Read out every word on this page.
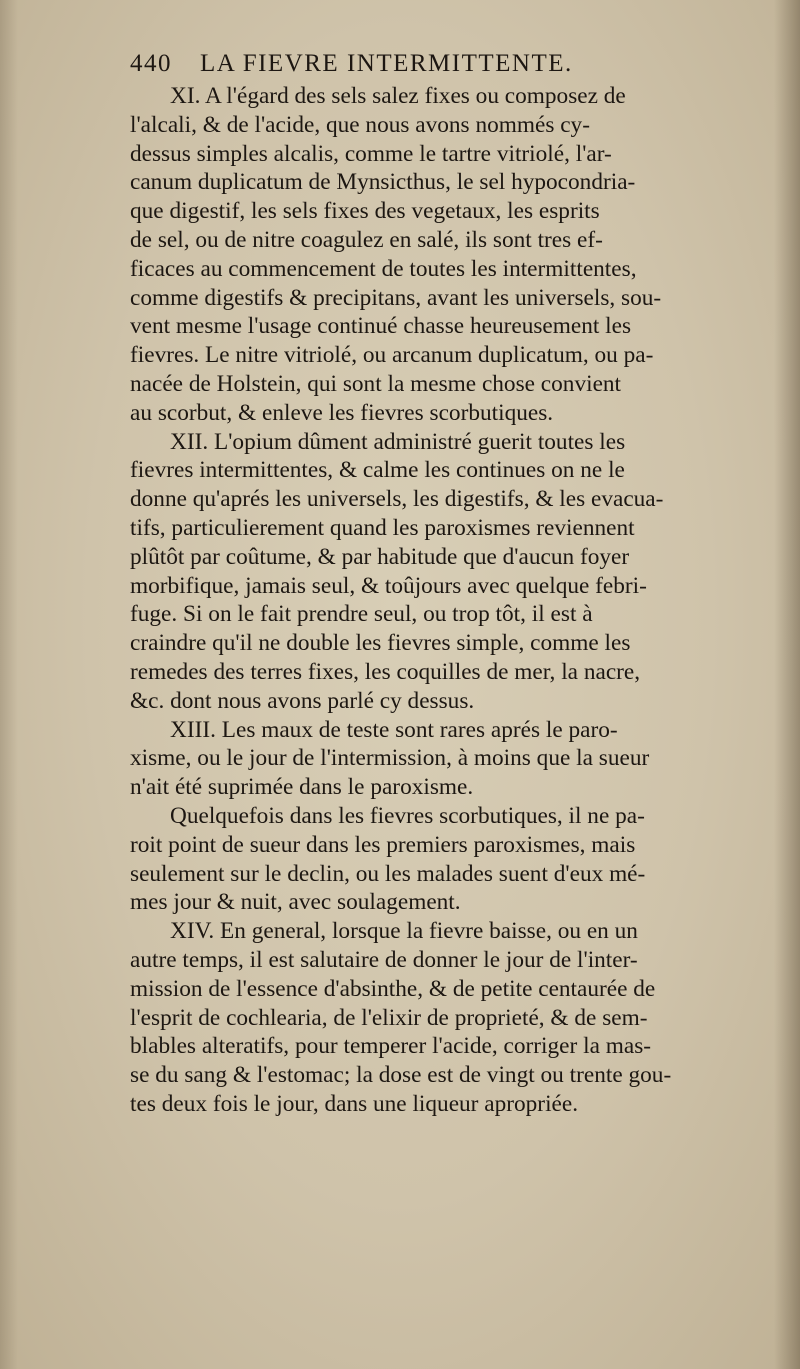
440 LA FIEVRE INTERMITTENTE.
XI. A l'égard des sels salez fixes ou composez de
l'alcali, & de l'acide, que nous avons nommés cy-
dessus simples alcalis, comme le tartre vitriolé, l'ar-
canum duplicatum de Mynsicthus, le sel hypocondria-
que digestif, les sels fixes des vegetaux, les esprits
de sel, ou de nitre coagulez en salé, ils sont tres ef-
ficaces au commencement de toutes les intermittentes,
comme digestifs & precipitans, avant les universels, sou-
vent mesme l'usage continué chasse heureusement les
fievres. Le nitre vitriolé, ou arcanum duplicatum, ou pa-
nacée de Holstein, qui sont la mesme chose convient
au scorbut, & enleve les fievres scorbutiques.
XII. L'opium dûment administré guerit toutes les
fievres intermittentes, & calme les continues on ne le
donne qu'aprés les universels, les digestifs, & les evacua-
tifs, particulierement quand les paroxismes reviennent
plûtôt par coûtume, & par habitude que d'aucun foyer
morbifique, jamais seul, & toûjours avec quelque febri-
fuge. Si on le fait prendre seul, ou trop tôt, il est à
craindre qu'il ne double les fievres simple, comme les
remedes des terres fixes, les coquilles de mer, la nacre,
&c. dont nous avons parlé cy dessus.
XIII. Les maux de teste sont rares aprés le paro-
xisme, ou le jour de l'intermission, à moins que la sueur
n'ait été suprimée dans le paroxisme.
Quelquefois dans les fievres scorbutiques, il ne pa-
roit point de sueur dans les premiers paroxismes, mais
seulement sur le declin, ou les malades suent d'eux mé-
mes jour & nuit, avec soulagement.
XIV. En general, lorsque la fievre baisse, ou en un
autre temps, il est salutaire de donner le jour de l'inter-
mission de l'essence d'absinthe, & de petite centaurée de
l'esprit de cochlearia, de l'elixir de proprieté, & de sem-
blables alteratifs, pour temperer l'acide, corriger la mas-
se du sang & l'estomac; la dose est de vingt ou trente gou-
tes deux fois le jour, dans une liqueur apropriée.
